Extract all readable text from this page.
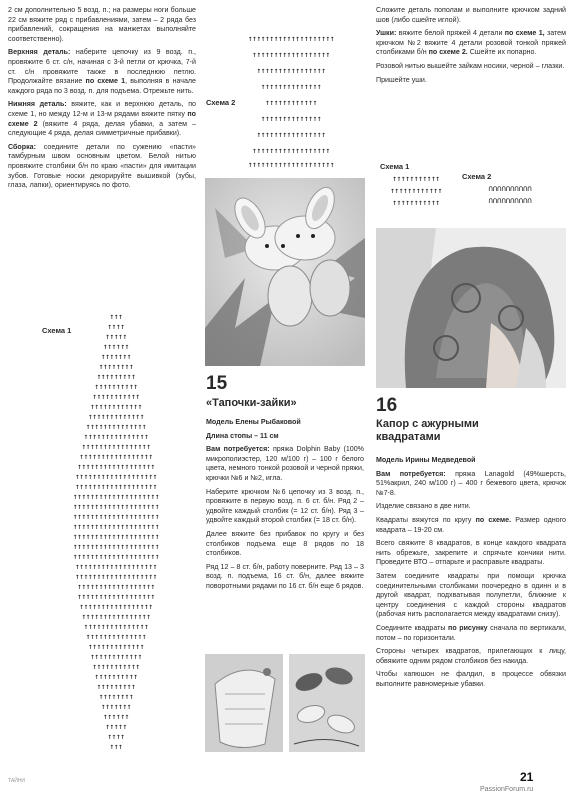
2 см дополнительно 5 возд. п.; на размеры ноги больше 22 см вяжите ряд с прибавлениями, затем – 2 ряда без прибавлений, сокращения на манжетах выполняйте соответственно).

Верхняя деталь: наберите цепочку из 9 возд. п., провяжите 6 ст. с/н, начиная с 3-й петли от крючка, 7-й ст. с/н провяжите также в последнюю петлю. Продолжайте вязание по схеме 1, выполняя в начале каждого ряда по 3 возд. п. для подъема. Отрежьте нить.

Нижняя деталь: вяжите, как и верхнюю деталь, по схеме 1, но между 12-м и 13-м рядами вяжите пятку по схеме 2 (вяжите 4 ряда, делая убавки, а затем – следующие 4 ряда, делая симметричные прибавки).

Сборка: соедините детали по сужению «пасти» тамбурным швом основным цветом. Белой нитью провяжите столбики б/н по краю «пасти» для имитации зубов. Готовые носки декорируйте вышивкой (зубы, глаза, лапки), ориентируясь по фото.

Схема 1
↑↑↑
↑↑↑↑
↑↑↑↑↑
↑↑↑↑↑↑
↑↑↑↑↑↑↑
↑↑↑↑↑↑↑↑
↑↑↑↑↑↑↑↑↑
↑↑↑↑↑↑↑↑↑↑
↑↑↑↑↑↑↑↑↑↑↑
↑↑↑↑↑↑↑↑↑↑↑↑
↑↑↑↑↑↑↑↑↑↑↑↑↑
↑↑↑↑↑↑↑↑↑↑↑↑↑↑
↑↑↑↑↑↑↑↑↑↑↑↑↑↑↑
↑↑↑↑↑↑↑↑↑↑↑↑↑↑↑↑
↑↑↑↑↑↑↑↑↑↑↑↑↑↑↑↑↑
↑↑↑↑↑↑↑↑↑↑↑↑↑↑↑↑↑↑
↑↑↑↑↑↑↑↑↑↑↑↑↑↑↑↑↑↑↑
↑↑↑↑↑↑↑↑↑↑↑↑↑↑↑↑↑↑↑
↑↑↑↑↑↑↑↑↑↑↑↑↑↑↑↑↑↑↑↑
↑↑↑↑↑↑↑↑↑↑↑↑↑↑↑↑↑↑↑↑
↑↑↑↑↑↑↑↑↑↑↑↑↑↑↑↑↑↑↑↑
↑↑↑↑↑↑↑↑↑↑↑↑↑↑↑↑↑↑↑↑
↑↑↑↑↑↑↑↑↑↑↑↑↑↑↑↑↑↑↑↑
↑↑↑↑↑↑↑↑↑↑↑↑↑↑↑↑↑↑↑↑
↑↑↑↑↑↑↑↑↑↑↑↑↑↑↑↑↑↑↑↑
↑↑↑↑↑↑↑↑↑↑↑↑↑↑↑↑↑↑↑
↑↑↑↑↑↑↑↑↑↑↑↑↑↑↑↑↑↑↑
↑↑↑↑↑↑↑↑↑↑↑↑↑↑↑↑↑↑
↑↑↑↑↑↑↑↑↑↑↑↑↑↑↑↑↑↑
↑↑↑↑↑↑↑↑↑↑↑↑↑↑↑↑↑
↑↑↑↑↑↑↑↑↑↑↑↑↑↑↑↑
↑↑↑↑↑↑↑↑↑↑↑↑↑↑↑
↑↑↑↑↑↑↑↑↑↑↑↑↑↑
↑↑↑↑↑↑↑↑↑↑↑↑↑
↑↑↑↑↑↑↑↑↑↑↑↑
↑↑↑↑↑↑↑↑↑↑↑
↑↑↑↑↑↑↑↑↑↑
↑↑↑↑↑↑↑↑↑
↑↑↑↑↑↑↑↑
↑↑↑↑↑↑↑
↑↑↑↑↑↑
↑↑↑↑↑
↑↑↑↑
↑↑↑
Схема 2
↑↑↑↑↑↑↑↑↑↑↑↑↑↑↑↑↑↑↑↑
↑↑↑↑↑↑↑↑↑↑↑↑↑↑↑↑↑↑
↑↑↑↑↑↑↑↑↑↑↑↑↑↑↑↑
↑↑↑↑↑↑↑↑↑↑↑↑↑↑
↑↑↑↑↑↑↑↑↑↑↑↑
↑↑↑↑↑↑↑↑↑↑↑↑↑↑
↑↑↑↑↑↑↑↑↑↑↑↑↑↑↑↑
↑↑↑↑↑↑↑↑↑↑↑↑↑↑↑↑↑↑
↑↑↑↑↑↑↑↑↑↑↑↑↑↑↑↑↑↑↑↑
15
«Тапочки-зайки»

Модель Елены Рыбаковой

Длина стопы – 11 см

Вам потребуется: пряжа Dolphin Baby (100% микрополиэстер, 120 м/100 г) – 100 г белого цвета, немного тонкой розовой и черной пряжи, крючки №6 и №2, игла.

Наберите крючком №6 цепочку из 3 возд. п., провяжите в первую возд. п. 6 ст. б/н. Ряд 2 – удвойте каждый столбик (= 12 ст. б/н). Ряд 3 – удвойте каждый второй столбик (= 18 ст. б/н).

Далее вяжите без прибавок по кругу и без столбиков подъема еще 8 рядов по 18 столбиков.

Ряд 12 – 8 ст. б/н, работу поверните. Ряд 13 – 3 возд. п. подъема, 16 ст. б/н, далее вяжите поворотными рядами по 16 ст. б/н еще 6 рядов.

Сложите деталь пополам и выполните крючком задний шов (либо сшейте иглой).

Ушки: вяжите белой пряжей 4 детали по схеме 1, затем крючком №2 вяжите 4 детали розовой тонкой пряжей столбиками б/н по схеме 2. Сшейте их попарно.

Розовой нитью вышейте зайкам носики, черной – глазки.

Пришейте уши.

Схема 1
↑↑↑↑↑↑↑↑↑↑↑
↑↑↑↑↑↑↑↑↑↑↑↑
↑↑↑↑↑↑↑↑↑↑↑
Схема 2
∩∩∩∩∩∩∩∩∩∩
∩∩∩∩∩∩∩∩∩∩
16
Капор с ажурными квадратами

Модель Ирины Медведевой

Вам потребуется: пряжа Lanagold (49%шерсть, 51%акрил, 240 м/100 г) – 400 г бежевого цвета, крючок №7-8.

Изделие связано в две нити.

Квадраты вяжутся по кругу по схеме. Размер одного квадрата – 19-20 см.

Всего свяжите 8 квадратов, в конце каждого квадрата нить обрежьте, закрепите и спрячьте кончики нити. Проведите ВТО – отпарьте и расправьте квадраты.

Затем соедините квадраты при помощи крючка соединительными столбиками поочередно в одинн и в другой квадрат, подхватывая полупетли, ближние к центру соединения с каждой стороны квадратов (рабочая нить располагается между квадратами снизу).

Соедините квадраты по рисунку сначала по вертикали, потом – по горизонтали.

Стороны четырех квадратов, прилегающих к лицу, обвяжите одним рядом столбиков без накида.

Чтобы капюшон не фалдил, в процессе обвязки выполните равномерные убавки.

ТАЙНИ	21
PassionForum.ru
